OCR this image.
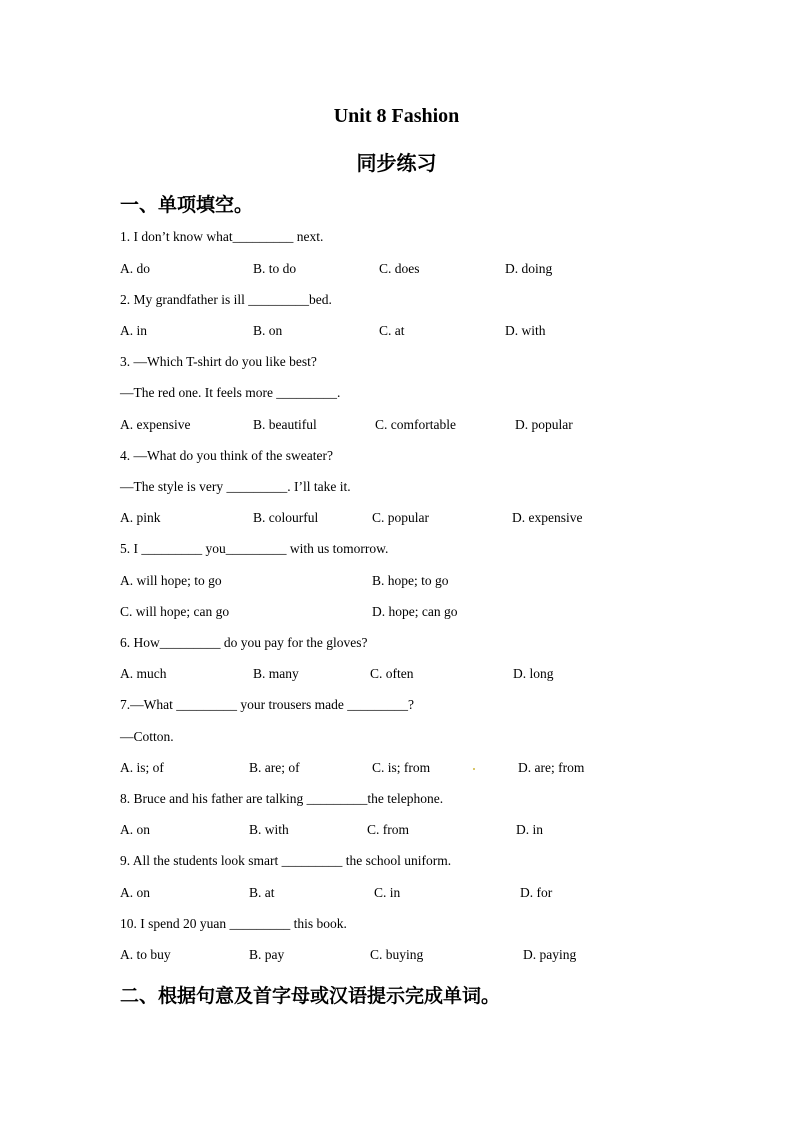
Unit 8 Fashion
同步练习
一、单项填空。
1. I don’t know what_________ next.
A. do	B. to do	C. does	D. doing
2. My grandfather is ill _________bed.
A. in	B. on	C. at	D. with
3. —Which T-shirt do you like best?
—The red one. It feels more _________.
A. expensive	B. beautiful	C. comfortable	D. popular
4. —What do you think of the sweater?
—The style is very _________. I’ll take it.
A. pink	B. colourful	C. popular	D. expensive
5. I _________ you_________ with us tomorrow.
A. will hope; to go	B. hope; to go
C. will hope; can go	D. hope; can go
6. How_________ do you pay for the gloves?
A. much	B. many	C. often	D. long
7.—What _________ your trousers made _________?
—Cotton.
A. is; of	B. are; of	C. is; from	D. are; from
8. Bruce and his father are talking _________the telephone.
A. on	B. with	C. from	D. in
9. All the students look smart _________ the school uniform.
A. on	B. at	C. in	D. for
10. I spend 20 yuan _________ this book.
A. to buy	B. pay	C. buying	D. paying
二、根据句意及首字母或汉语提示完成单词。
